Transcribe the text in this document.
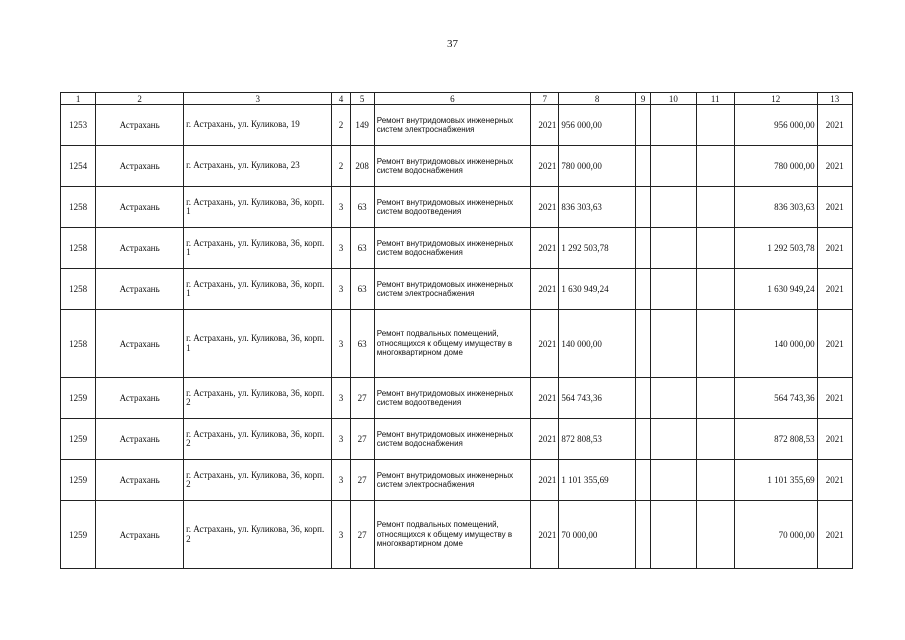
37
1	2	3	4	5	6	7	8	9	10	11	12	13
1253	Астрахань	г. Астрахань, ул. Куликова, 19	2	149	Ремонт внутридомовых инженерных систем электроснабжения	2021	956 000,00				956 000,00	2021
1254	Астрахань	г. Астрахань, ул. Куликова, 23	2	208	Ремонт внутридомовых инженерных систем водоснабжения	2021	780 000,00				780 000,00	2021
1258	Астрахань	г. Астрахань, ул. Куликова, 36, корп. 1	3	63	Ремонт внутридомовых инженерных систем водоотведения	2021	836 303,63				836 303,63	2021
1258	Астрахань	г. Астрахань, ул. Куликова, 36, корп. 1	3	63	Ремонт внутридомовых инженерных систем водоснабжения	2021	1 292 503,78				1 292 503,78	2021
1258	Астрахань	г. Астрахань, ул. Куликова, 36, корп. 1	3	63	Ремонт внутридомовых инженерных систем электроснабжения	2021	1 630 949,24				1 630 949,24	2021
1258	Астрахань	г. Астрахань, ул. Куликова, 36, корп. 1	3	63	Ремонт подвальных помещений, относящихся к общему имуществу в многоквартирном доме	2021	140 000,00				140 000,00	2021
1259	Астрахань	г. Астрахань, ул. Куликова, 36, корп. 2	3	27	Ремонт внутридомовых инженерных систем водоотведения	2021	564 743,36				564 743,36	2021
1259	Астрахань	г. Астрахань, ул. Куликова, 36, корп. 2	3	27	Ремонт внутридомовых инженерных систем водоснабжения	2021	872 808,53				872 808,53	2021
1259	Астрахань	г. Астрахань, ул. Куликова, 36, корп. 2	3	27	Ремонт внутридомовых инженерных систем электроснабжения	2021	1 101 355,69				1 101 355,69	2021
1259	Астрахань	г. Астрахань, ул. Куликова, 36, корп. 2	3	27	Ремонт подвальных помещений, относящихся к общему имуществу в многоквартирном доме	2021	70 000,00				70 000,00	2021
